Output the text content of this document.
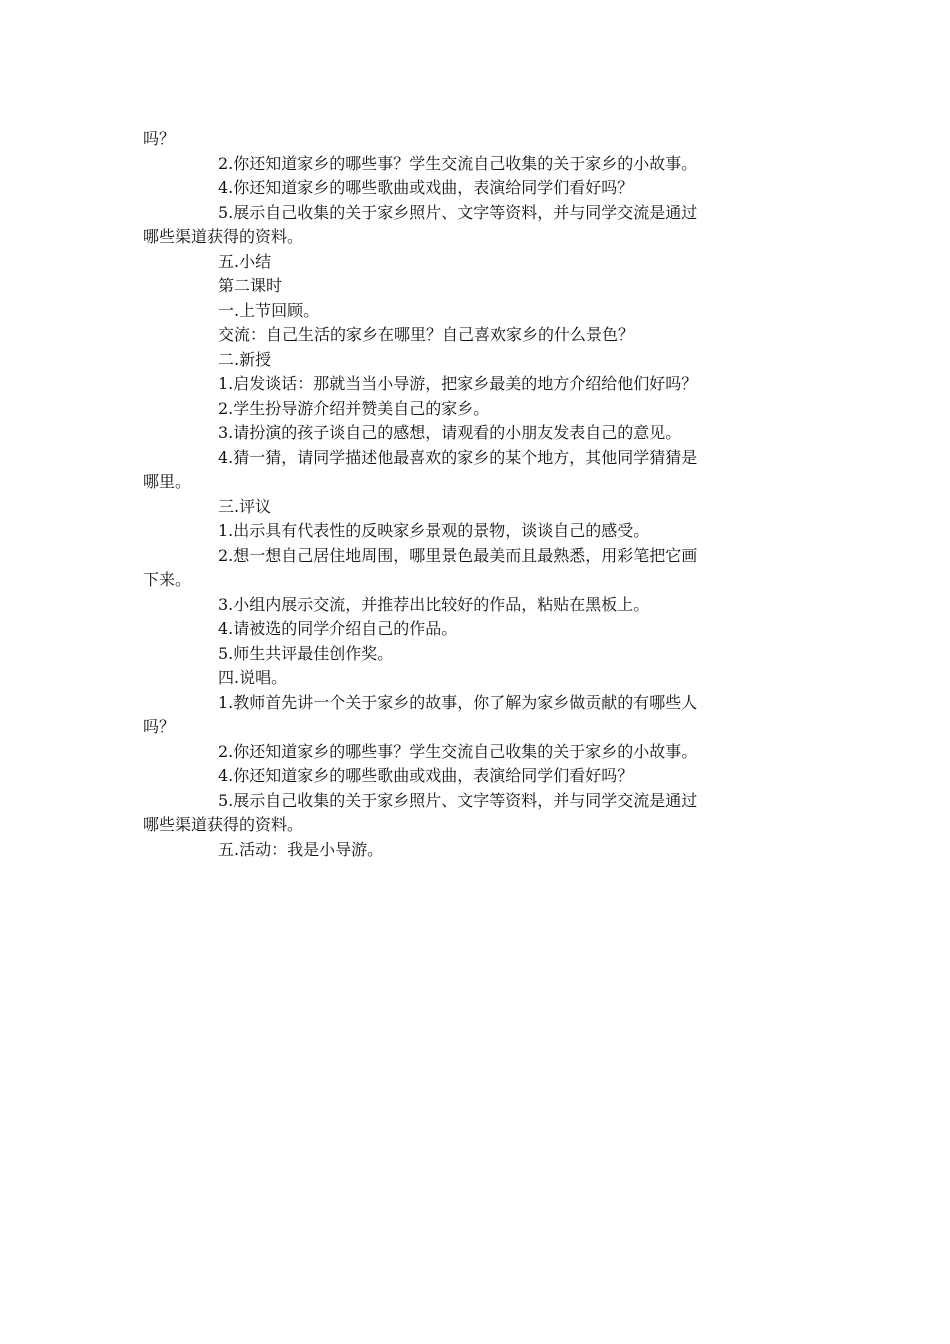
吗？
2.你还知道家乡的哪些事？学生交流自己收集的关于家乡的小故事。
4.你还知道家乡的哪些歌曲或戏曲，表演给同学们看好吗？
5.展示自己收集的关于家乡照片、文字等资料，并与同学交流是通过
哪些渠道获得的资料。
五.小结
第二课时
一.上节回顾。
交流：自己生活的家乡在哪里？自己喜欢家乡的什么景色？
二.新授
1.启发谈话：那就当当小导游，把家乡最美的地方介绍给他们好吗？
2.学生扮导游介绍并赞美自己的家乡。
3.请扮演的孩子谈自己的感想，请观看的小朋友发表自己的意见。
4.猜一猜，请同学描述他最喜欢的家乡的某个地方，其他同学猜猜是
哪里。
三.评议
1.出示具有代表性的反映家乡景观的景物，谈谈自己的感受。
2.想一想自己居住地周围，哪里景色最美而且最熟悉，用彩笔把它画
下来。
3.小组内展示交流，并推荐出比较好的作品，粘贴在黑板上。
4.请被选的同学介绍自己的作品。
5.师生共评最佳创作奖。
四.说唱。
1.教师首先讲一个关于家乡的故事，你了解为家乡做贡献的有哪些人
吗？
2.你还知道家乡的哪些事？学生交流自己收集的关于家乡的小故事。
4.你还知道家乡的哪些歌曲或戏曲，表演给同学们看好吗？
5.展示自己收集的关于家乡照片、文字等资料，并与同学交流是通过
哪些渠道获得的资料。
五.活动：我是小导游。
